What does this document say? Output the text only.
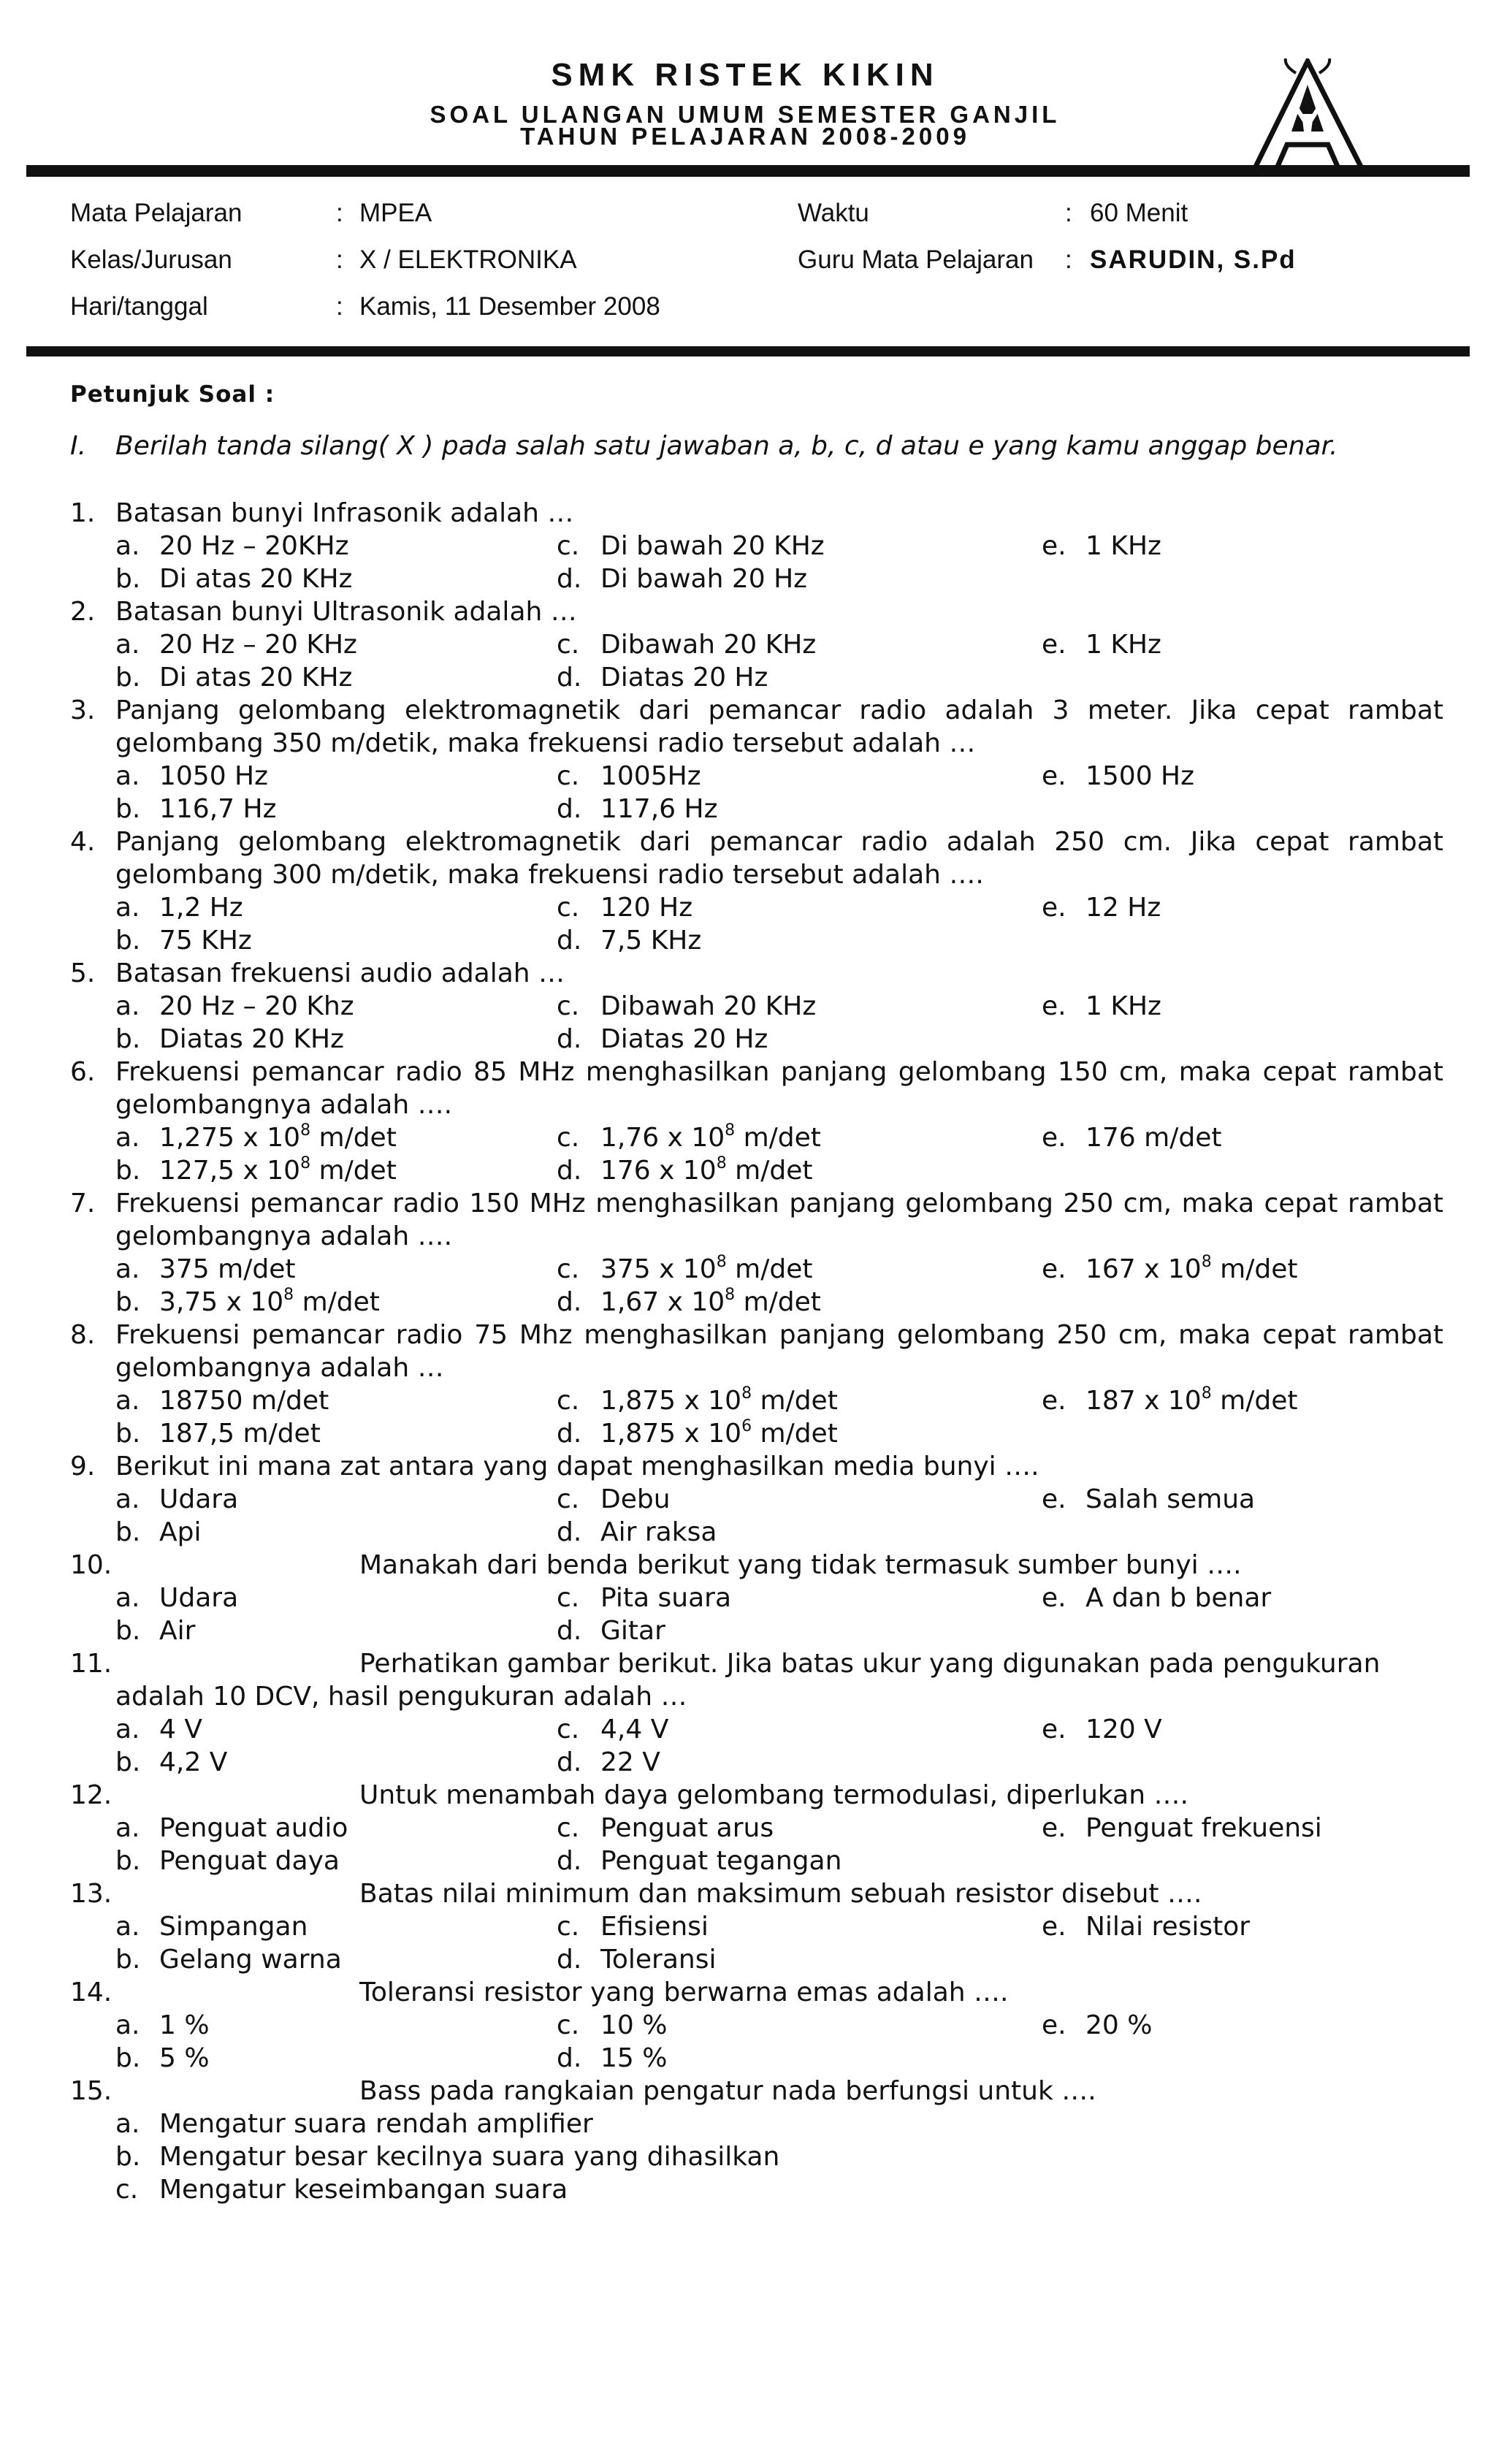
SMK RISTEK KIKIN
SOAL ULANGAN UMUM SEMESTER GANJIL
TAHUN PELAJARAN 2008-2009
Mata Pelajaran	: MPEA	Waktu	: 60 Menit
Kelas/Jurusan	: X / ELEKTRONIKA	Guru Mata Pelajaran : SARUDIN, S.Pd
Hari/tanggal	: Kamis, 11 Desember 2008
Petunjuk Soal :
I. Berilah tanda silang( X ) pada salah satu jawaban a, b, c, d atau e yang kamu anggap benar.
1. Batasan bunyi Infrasonik adalah …
a. 20 Hz – 20KHz	c. Di bawah 20 KHz	e. 1 KHz
b. Di atas 20 KHz	d. Di bawah 20 Hz
2. Batasan bunyi Ultrasonik adalah …
a. 20 Hz – 20 KHz	c. Dibawah 20 KHz	e. 1 KHz
b. Di atas 20 KHz	d. Diatas 20 Hz
3. Panjang gelombang elektromagnetik dari pemancar radio adalah 3 meter. Jika cepat rambat gelombang 350 m/detik, maka frekuensi radio tersebut adalah …
a. 1050 Hz	c. 1005Hz	e. 1500 Hz
b. 116,7 Hz	d. 117,6 Hz
4. Panjang gelombang elektromagnetik dari pemancar radio adalah 250 cm. Jika cepat rambat gelombang 300 m/detik, maka frekuensi radio tersebut adalah ….
a. 1,2 Hz	c. 120 Hz	e. 12 Hz
b. 75 KHz	d. 7,5 KHz
5. Batasan frekuensi audio adalah …
a. 20 Hz – 20 Khz	c. Dibawah 20 KHz	e. 1 KHz
b. Diatas 20 KHz	d. Diatas 20 Hz
6. Frekuensi pemancar radio 85 MHz menghasilkan panjang gelombang 150 cm, maka cepat rambat gelombangnya adalah ….
a. 1,275 x $10^8$ m/det	c. 1,76 x $10^8$ m/det	e. 176 m/det
b. 127,5 x $10^8$ m/det	d. 176 x $10^8$ m/det
7. Frekuensi pemancar radio 150 MHz menghasilkan panjang gelombang 250 cm, maka cepat rambat gelombangnya adalah ….
a. 375 m/det	c. 375 x $10^8$ m/det	e. 167 x $10^8$ m/det
b. 3,75 x $10^8$ m/det	d. 1,67 x $10^8$ m/det
8. Frekuensi pemancar radio 75 Mhz menghasilkan panjang gelombang 250 cm, maka cepat rambat gelombangnya adalah …
a. 18750 m/det	c. 1,875 x $10^8$ m/det	e. 187 x $10^8$ m/det
b. 187,5 m/det	d. 1,875 x $10^6$ m/det
9. Berikut ini mana zat antara yang dapat menghasilkan media bunyi ….
a. Udara	c. Debu	e. Salah semua
b. Api	d. Air raksa
10.	Manakah dari benda berikut yang tidak termasuk sumber bunyi ….
a. Udara	c. Pita suara	e. A dan b benar
b. Air	d. Gitar
11.	Perhatikan gambar berikut. Jika batas ukur yang digunakan pada pengukuran
adalah 10 DCV, hasil pengukuran adalah …
a. 4 V	c. 4,4 V	e. 120 V
b. 4,2 V	d. 22 V
12.	Untuk menambah daya gelombang termodulasi, diperlukan ….
a. Penguat audio	c. Penguat arus	e. Penguat frekuensi
b. Penguat daya	d. Penguat tegangan
13.	Batas nilai minimum dan maksimum sebuah resistor disebut ….
a. Simpangan	c. Efisiensi	e. Nilai resistor
b. Gelang warna	d. Toleransi
14.	Toleransi resistor yang berwarna emas adalah ….
a. 1 %	c. 10 %	e. 20 %
b. 5 %	d. 15 %
15.	Bass pada rangkaian pengatur nada berfungsi untuk ….
a. Mengatur suara rendah amplifier
b. Mengatur besar kecilnya suara yang dihasilkan
c. Mengatur keseimbangan suara
